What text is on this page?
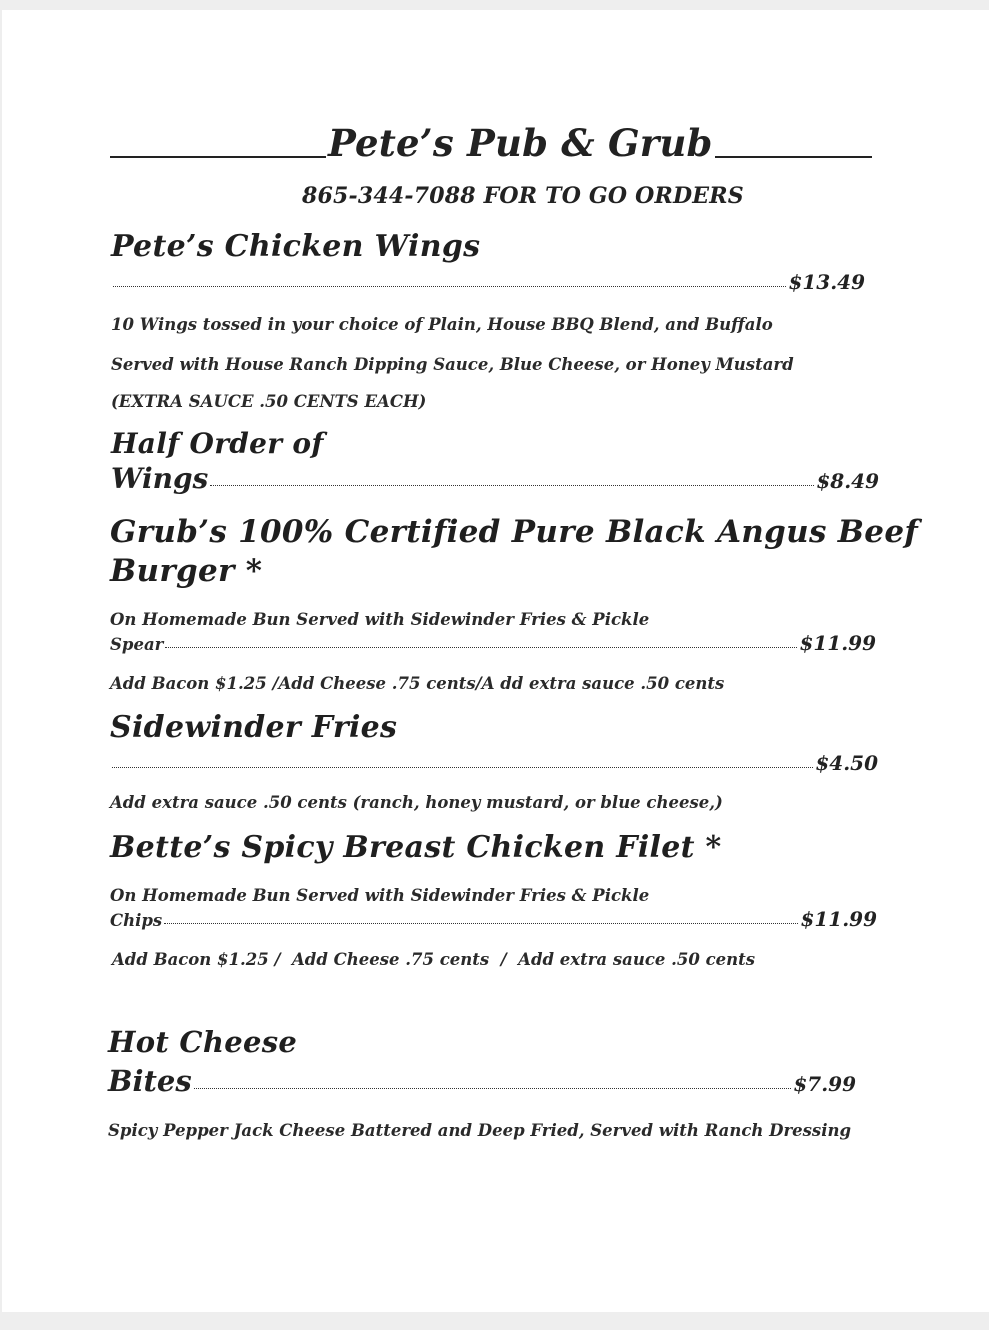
Pete’s Pub & Grub
865-344-7088 FOR TO GO ORDERS
Pete’s Chicken Wings
$13.49
10 Wings tossed in your choice of Plain, House BBQ Blend, and Buffalo
Served with House Ranch Dipping Sauce, Blue Cheese, or Honey Mustard
(EXTRA SAUCE .50 CENTS EACH)
Half Order of
Wings	$8.49
Grub’s 100% Certified Pure Black Angus Beef
Burger *
On Homemade Bun Served with Sidewinder Fries & Pickle
Spear	$11.99
Add Bacon $1.25 /Add Cheese .75 cents/A dd extra sauce .50 cents
Sidewinder Fries
$4.50
Add extra sauce .50 cents (ranch, honey mustard, or blue cheese,)
Bette’s Spicy Breast Chicken Filet *
On Homemade Bun Served with Sidewinder Fries & Pickle
Chips	$11.99
Add Bacon $1.25 /  Add Cheese .75 cents  /  Add extra sauce .50 cents
Hot Cheese
Bites	$7.99
Spicy Pepper Jack Cheese Battered and Deep Fried, Served with Ranch Dressing
